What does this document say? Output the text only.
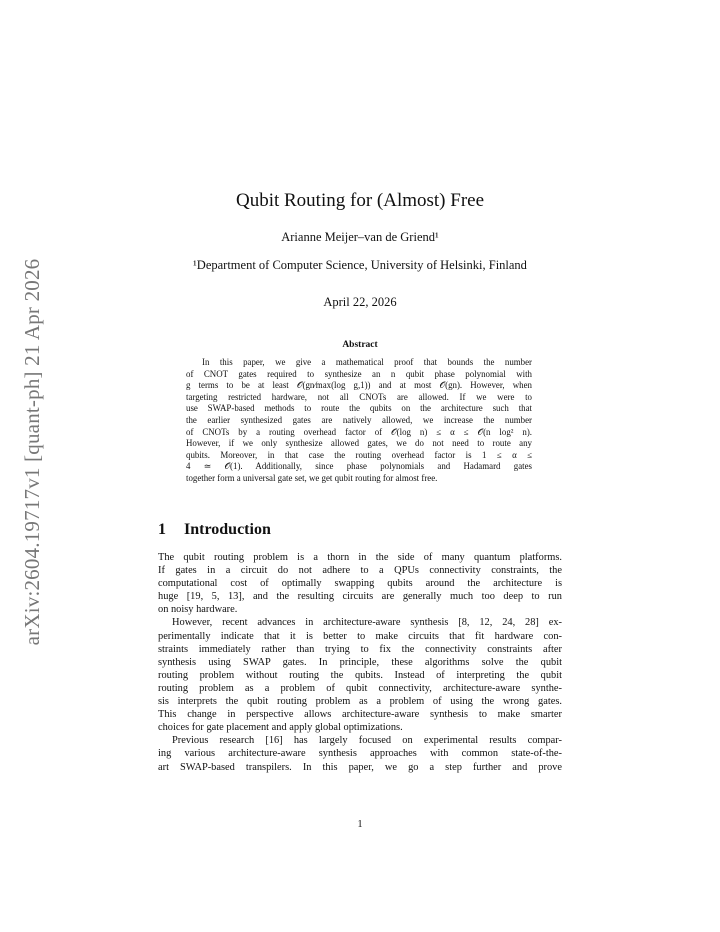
arXiv:2604.19717v1 [quant-ph] 21 Apr 2026
Qubit Routing for (Almost) Free
Arianne Meijer–van de Griend¹
¹Department of Computer Science, University of Helsinki, Finland
April 22, 2026
Abstract
In this paper, we give a mathematical proof that bounds the number
of CNOT gates required to synthesize an n qubit phase polynomial with
g terms to be at least 𝒪(gn⁄max(log g,1)) and at most 𝒪(gn). However, when
targeting restricted hardware, not all CNOTs are allowed. If we were to
use SWAP-based methods to route the qubits on the architecture such that
the earlier synthesized gates are natively allowed, we increase the number
of CNOTs by a routing overhead factor of 𝒪(log n) ≤ α ≤ 𝒪(n log² n).
However, if we only synthesize allowed gates, we do not need to route any
qubits. Moreover, in that case the routing overhead factor is 1 ≤ α ≤
4 ≃ 𝒪(1). Additionally, since phase polynomials and Hadamard gates
together form a universal gate set, we get qubit routing for almost free.
1 Introduction
The qubit routing problem is a thorn in the side of many quantum platforms.
If gates in a circuit do not adhere to a QPUs connectivity constraints, the
computational cost of optimally swapping qubits around the architecture is
huge [19, 5, 13], and the resulting circuits are generally much too deep to run
on noisy hardware.
However, recent advances in architecture-aware synthesis [8, 12, 24, 28] ex-
perimentally indicate that it is better to make circuits that fit hardware con-
straints immediately rather than trying to fix the connectivity constraints after
synthesis using SWAP gates. In principle, these algorithms solve the qubit
routing problem without routing the qubits. Instead of interpreting the qubit
routing problem as a problem of qubit connectivity, architecture-aware synthe-
sis interprets the qubit routing problem as a problem of using the wrong gates.
This change in perspective allows architecture-aware synthesis to make smarter
choices for gate placement and apply global optimizations.
Previous research [16] has largely focused on experimental results compar-
ing various architecture-aware synthesis approaches with common state-of-the-
art SWAP-based transpilers. In this paper, we go a step further and prove
1
